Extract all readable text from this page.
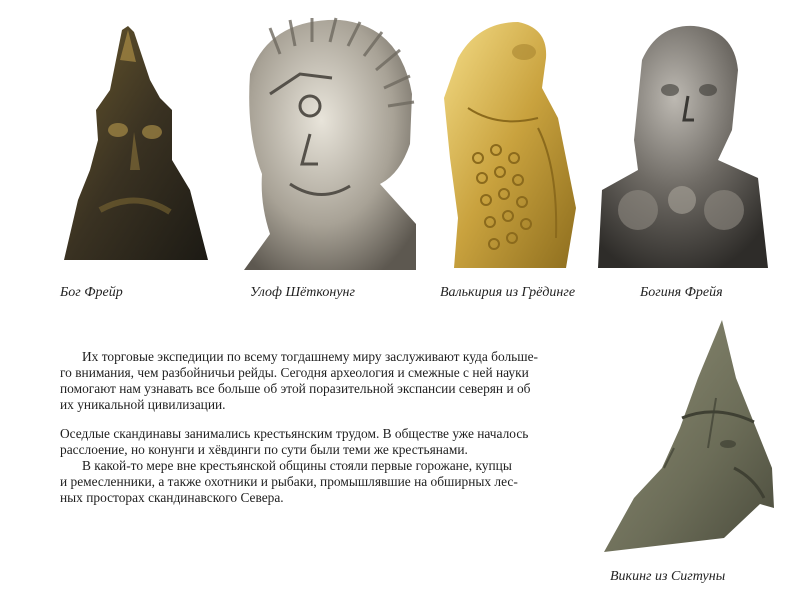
Бог Фрейр	Улоф Шётконунг	Валькирия из Грёдинге	Богиня Фрейя
Викинг из Сигтуны

Их торговые экспедиции по всему тогдашнему миру заслуживают куда больше-

го внимания, чем разбойничьи рейды. Сегодня археология и смежные с ней науки

помогают нам узнавать все больше об этой поразительной экспансии северян и об

их уникальной цивилизации.

Оседлые скандинавы занимались крестьянским трудом. В обществе уже началось

расслоение, но конунги и хёвдинги по сути были теми же крестьянами.

В какой-то мере вне крестьянской общины стояли первые горожане, купцы

и ремесленники, а также охотники и рыбаки, промышлявшие на обширных лес-

ных просторах скандинавского Севера.
